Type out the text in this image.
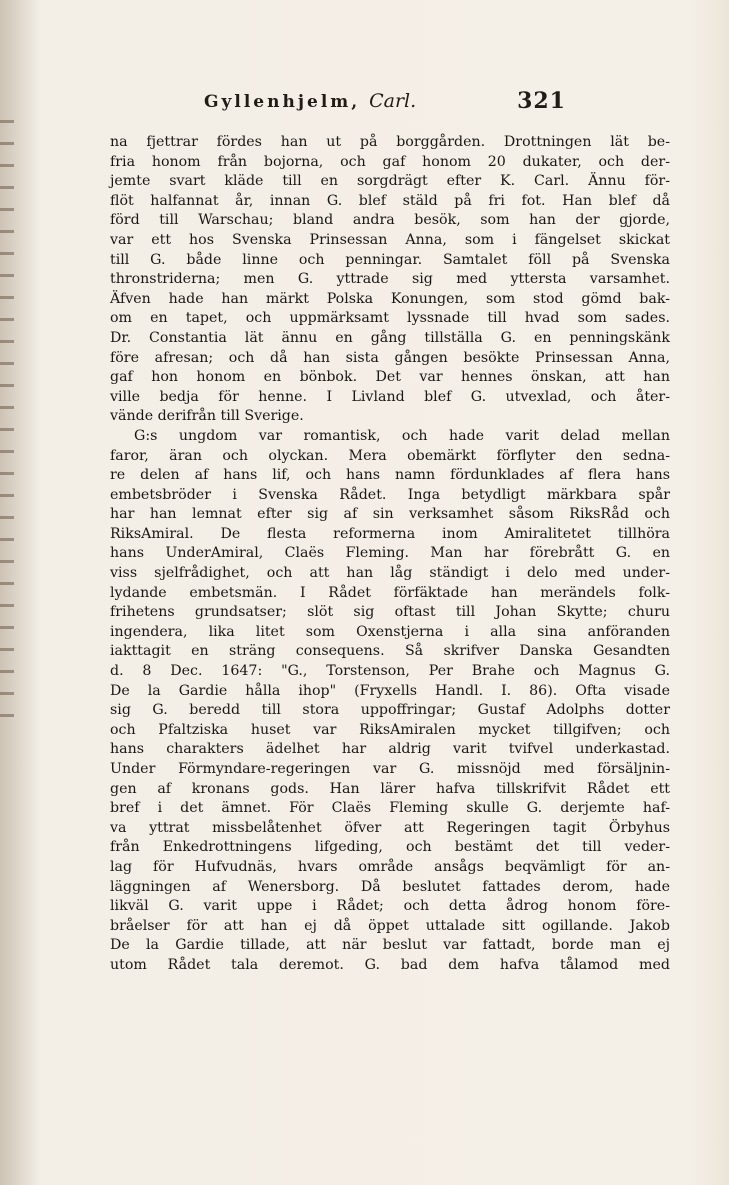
Gyllenhjelm, Carl.	321
na fjettrar fördes han ut på borggården. Drottningen lät be-
fria honom från bojorna, och gaf honom 20 dukater, och der-
jemte svart kläde till en sorgdrägt efter K. Carl. Ännu för-
flöt halfannat år, innan G. blef stäld på fri fot. Han blef då
förd till Warschau; bland andra besök, som han der gjorde,
var ett hos Svenska Prinsessan Anna, som i fängelset skickat
till G. både linne och penningar. Samtalet föll på Svenska
thronstriderna; men G. yttrade sig med yttersta varsamhet.
Äfven hade han märkt Polska Konungen, som stod gömd bak-
om en tapet, och uppmärksamt lyssnade till hvad som sades.
Dr. Constantia lät ännu en gång tillställa G. en penningskänk
före afresan; och då han sista gången besökte Prinsessan Anna,
gaf hon honom en bönbok. Det var hennes önskan, att han
ville bedja för henne. I Livland blef G. utvexlad, och åter-
vände derifrån till Sverige.
G:s ungdom var romantisk, och hade varit delad mellan
faror, äran och olyckan. Mera obemärkt förflyter den sedna-
re delen af hans lif, och hans namn fördunklades af flera hans
embetsbröder i Svenska Rådet. Inga betydligt märkbara spår
har han lemnat efter sig af sin verksamhet såsom RiksRåd och
RiksAmiral. De flesta reformerna inom Amiralitetet tillhöra
hans UnderAmiral, Claës Fleming. Man har förebrått G. en
viss sjelfrådighet, och att han låg ständigt i delo med under-
lydande embetsmän. I Rådet förfäktade han merändels folk-
frihetens grundsatser; slöt sig oftast till Johan Skytte; churu
ingendera, lika litet som Oxenstjerna i alla sina anföranden
iakttagit en sträng consequens. Så skrifver Danska Gesandten
d. 8 Dec. 1647: "G., Torstenson, Per Brahe och Magnus G.
De la Gardie hålla ihop" (Fryxells Handl. I. 86). Ofta visade
sig G. beredd till stora uppoffringar; Gustaf Adolphs dotter
och Pfaltziska huset var RiksAmiralen mycket tillgifven; och
hans charakters ädelhet har aldrig varit tvifvel underkastad.
Under Förmyndare-regeringen var G. missnöjd med försäljnin-
gen af kronans gods. Han lärer hafva tillskrifvit Rådet ett
bref i det ämnet. För Claës Fleming skulle G. derjemte haf-
va yttrat missbelåtenhet öfver att Regeringen tagit Örbyhus
från Enkedrottningens lifgeding, och bestämt det till veder-
lag för Hufvudnäs, hvars område ansågs beqvämligt för an-
läggningen af Wenersborg. Då beslutet fattades derom, hade
likväl G. varit uppe i Rådet; och detta ådrog honom före-
bråelser för att han ej då öppet uttalade sitt ogillande. Jakob
De la Gardie tillade, att när beslut var fattadt, borde man ej
utom Rådet tala deremot. G. bad dem hafva tålamod med
